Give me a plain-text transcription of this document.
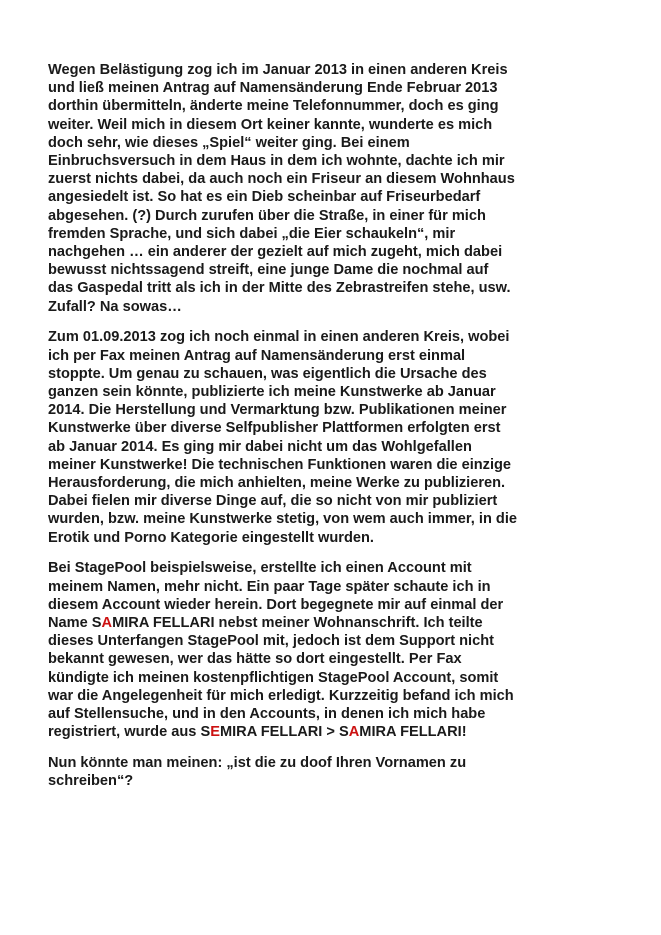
Wegen Belästigung zog ich im Januar 2013 in einen anderen Kreis
und ließ meinen Antrag auf Namensänderung Ende Februar 2013
dorthin übermitteln, änderte meine Telefonnummer, doch es ging
weiter. Weil mich in diesem Ort keiner kannte, wunderte es mich
doch sehr, wie dieses „Spiel“ weiter ging. Bei einem
Einbruchsversuch in dem Haus in dem ich wohnte, dachte ich mir
zuerst nichts dabei, da auch noch ein Friseur an diesem Wohnhaus
angesiedelt ist. So hat es ein Dieb scheinbar auf Friseurbedarf
abgesehen. (?) Durch zurufen über die Straße, in einer für mich
fremden Sprache, und sich dabei „die Eier schaukeln“, mir
nachgehen … ein anderer der gezielt auf mich zugeht, mich dabei
bewusst nichtssagend streift, eine junge Dame die nochmal auf
das Gaspedal tritt als ich in der Mitte des Zebrastreifen stehe, usw.
Zufall? Na sowas…
Zum 01.09.2013 zog ich noch einmal in einen anderen Kreis, wobei
ich per Fax meinen Antrag auf Namensänderung erst einmal
stoppte. Um genau zu schauen, was eigentlich die Ursache des
ganzen sein könnte, publizierte ich meine Kunstwerke ab Januar
2014. Die Herstellung und Vermarktung bzw. Publikationen meiner
Kunstwerke über diverse Selfpublisher Plattformen erfolgten erst
ab Januar 2014. Es ging mir dabei nicht um das Wohlgefallen
meiner Kunstwerke! Die technischen Funktionen waren die einzige
Herausforderung, die mich anhielten, meine Werke zu publizieren.
Dabei fielen mir diverse Dinge auf, die so nicht von mir publiziert
wurden, bzw. meine Kunstwerke stetig, von wem auch immer, in die
Erotik und Porno Kategorie eingestellt wurden.
Bei StagePool beispielsweise, erstellte ich einen Account mit
meinem Namen, mehr nicht. Ein paar Tage später schaute ich in
diesem Account wieder herein. Dort begegnete mir auf einmal der
Name SAMIRA FELLARI nebst meiner Wohnanschrift. Ich teilte
dieses Unterfangen StagePool mit, jedoch ist dem Support nicht
bekannt gewesen, wer das hätte so dort eingestellt. Per Fax
kündigte ich meinen kostenpflichtigen StagePool Account, somit
war die Angelegenheit für mich erledigt. Kurzzeitig befand ich mich
auf Stellensuche, und in den Accounts, in denen ich mich habe
registriert, wurde aus SEMIRA FELLARI > SAMIRA FELLARI!
Nun könnte man meinen: „ist die zu doof Ihren Vornamen zu
schreiben“?
